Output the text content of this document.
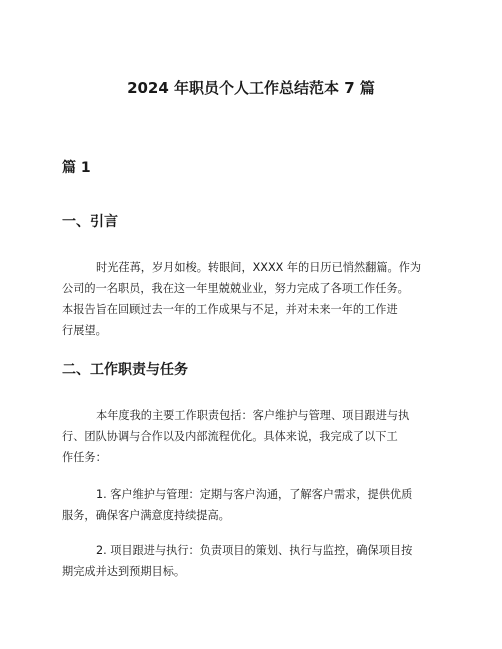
2024 年职员个人工作总结范本 7 篇
篇 1
一、引言

时光荏苒，岁月如梭。转眼间，XXXX 年的日历已悄然翻篇。作为
公司的一名职员，我在这一年里兢兢业业，努力完成了各项工作任务。
本报告旨在回顾过去一年的工作成果与不足，并对未来一年的工作进
行展望。

二、工作职责与任务

本年度我的主要工作职责包括：客户维护与管理、项目跟进与执
行、团队协调与合作以及内部流程优化。具体来说，我完成了以下工
作任务：

1. 客户维护与管理：定期与客户沟通，了解客户需求，提供优质
服务，确保客户满意度持续提高。

2. 项目跟进与执行：负责项目的策划、执行与监控，确保项目按
期完成并达到预期目标。
